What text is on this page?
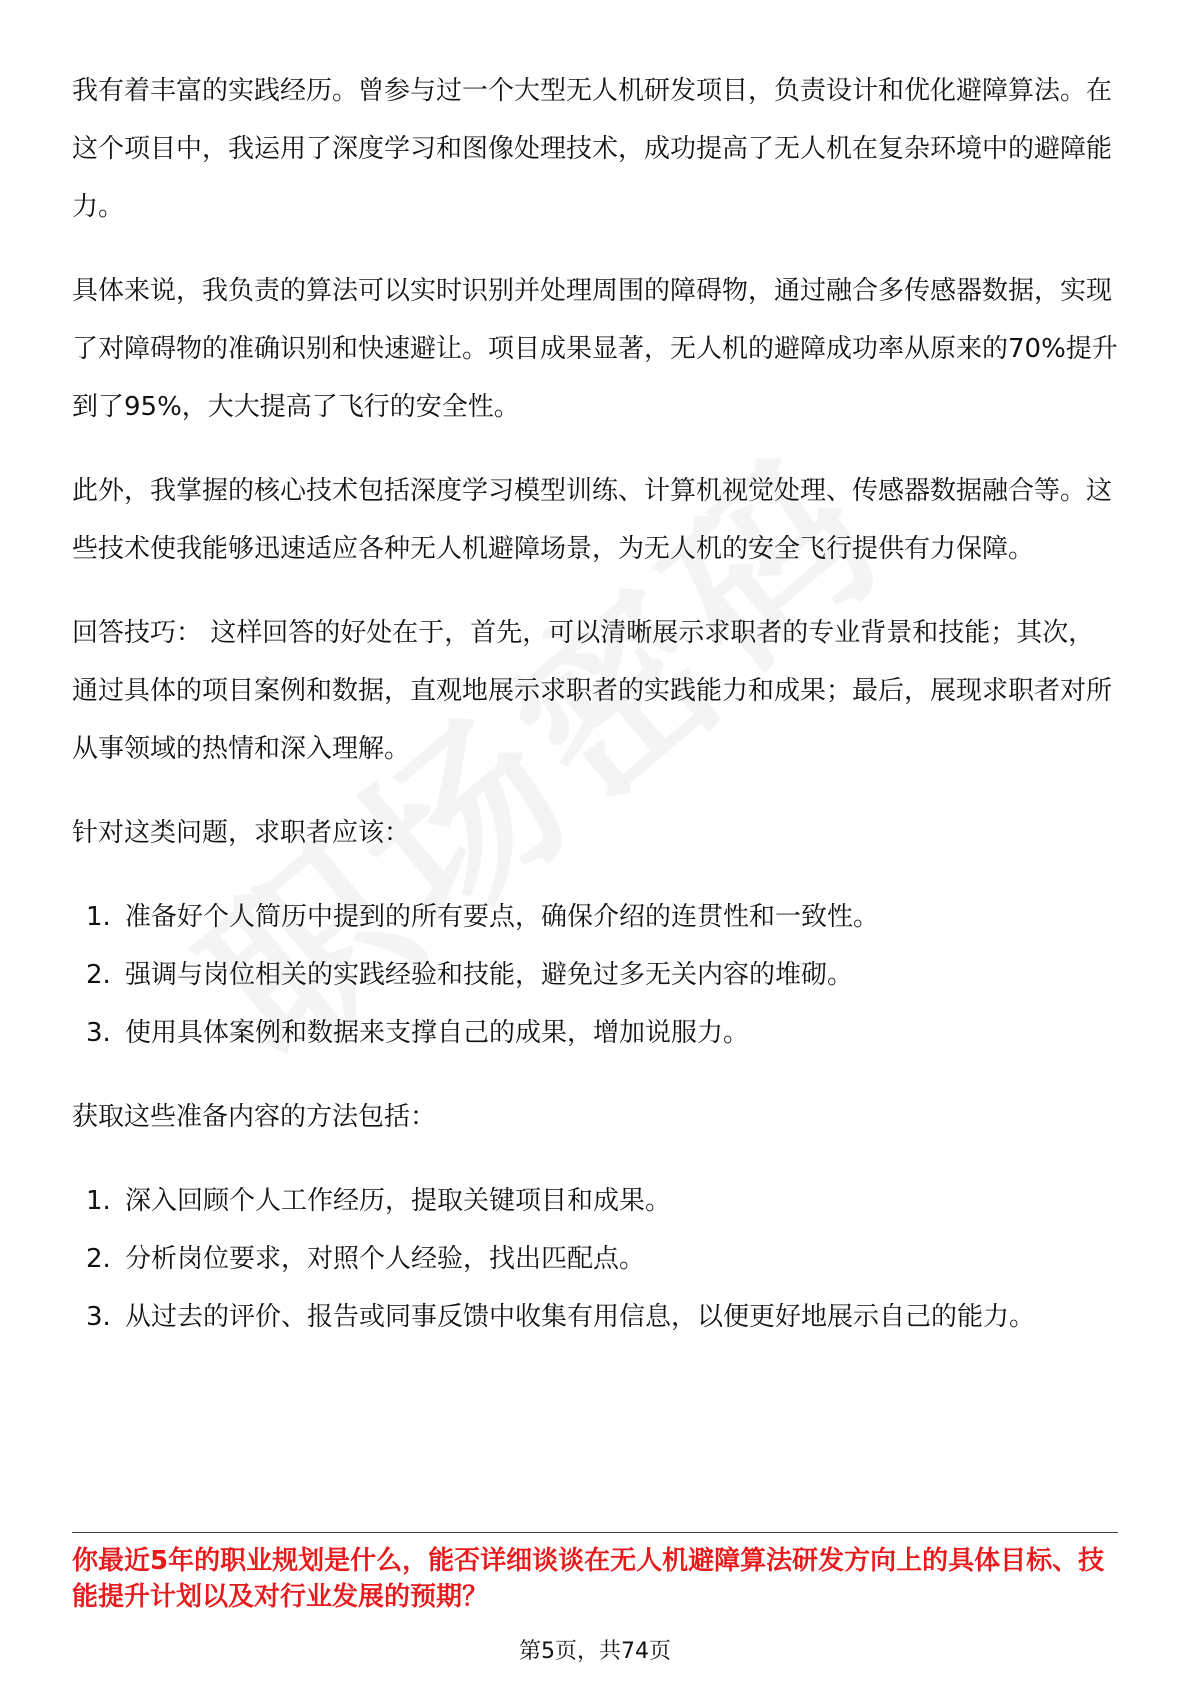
我有着丰富的实践经历。曾参与过一个大型无人机研发项目，负责设计和优化避障算法。在这个项目中，我运用了深度学习和图像处理技术，成功提高了无人机在复杂环境中的避障能力。

具体来说，我负责的算法可以实时识别并处理周围的障碍物，通过融合多传感器数据，实现了对障碍物的准确识别和快速避让。项目成果显著，无人机的避障成功率从原来的70%提升到了95%，大大提高了飞行的安全性。

此外，我掌握的核心技术包括深度学习模型训练、计算机视觉处理、传感器数据融合等。这些技术使我能够迅速适应各种无人机避障场景，为无人机的安全飞行提供有力保障。

回答技巧： 这样回答的好处在于，首先，可以清晰展示求职者的专业背景和技能；其次，通过具体的项目案例和数据，直观地展示求职者的实践能力和成果；最后，展现求职者对所从事领域的热情和深入理解。

针对这类问题，求职者应该：

1. 准备好个人简历中提到的所有要点，确保介绍的连贯性和一致性。
2. 强调与岗位相关的实践经验和技能，避免过多无关内容的堆砌。
3. 使用具体案例和数据来支撑自己的成果，增加说服力。

获取这些准备内容的方法包括：

1. 深入回顾个人工作经历，提取关键项目和成果。
2. 分析岗位要求，对照个人经验，找出匹配点。
3. 从过去的评价、报告或同事反馈中收集有用信息，以便更好地展示自己的能力。
你最近5年的职业规划是什么，能否详细谈谈在无人机避障算法研发方向上的具体目标、技能提升计划以及对行业发展的预期？
第5页，共74页
